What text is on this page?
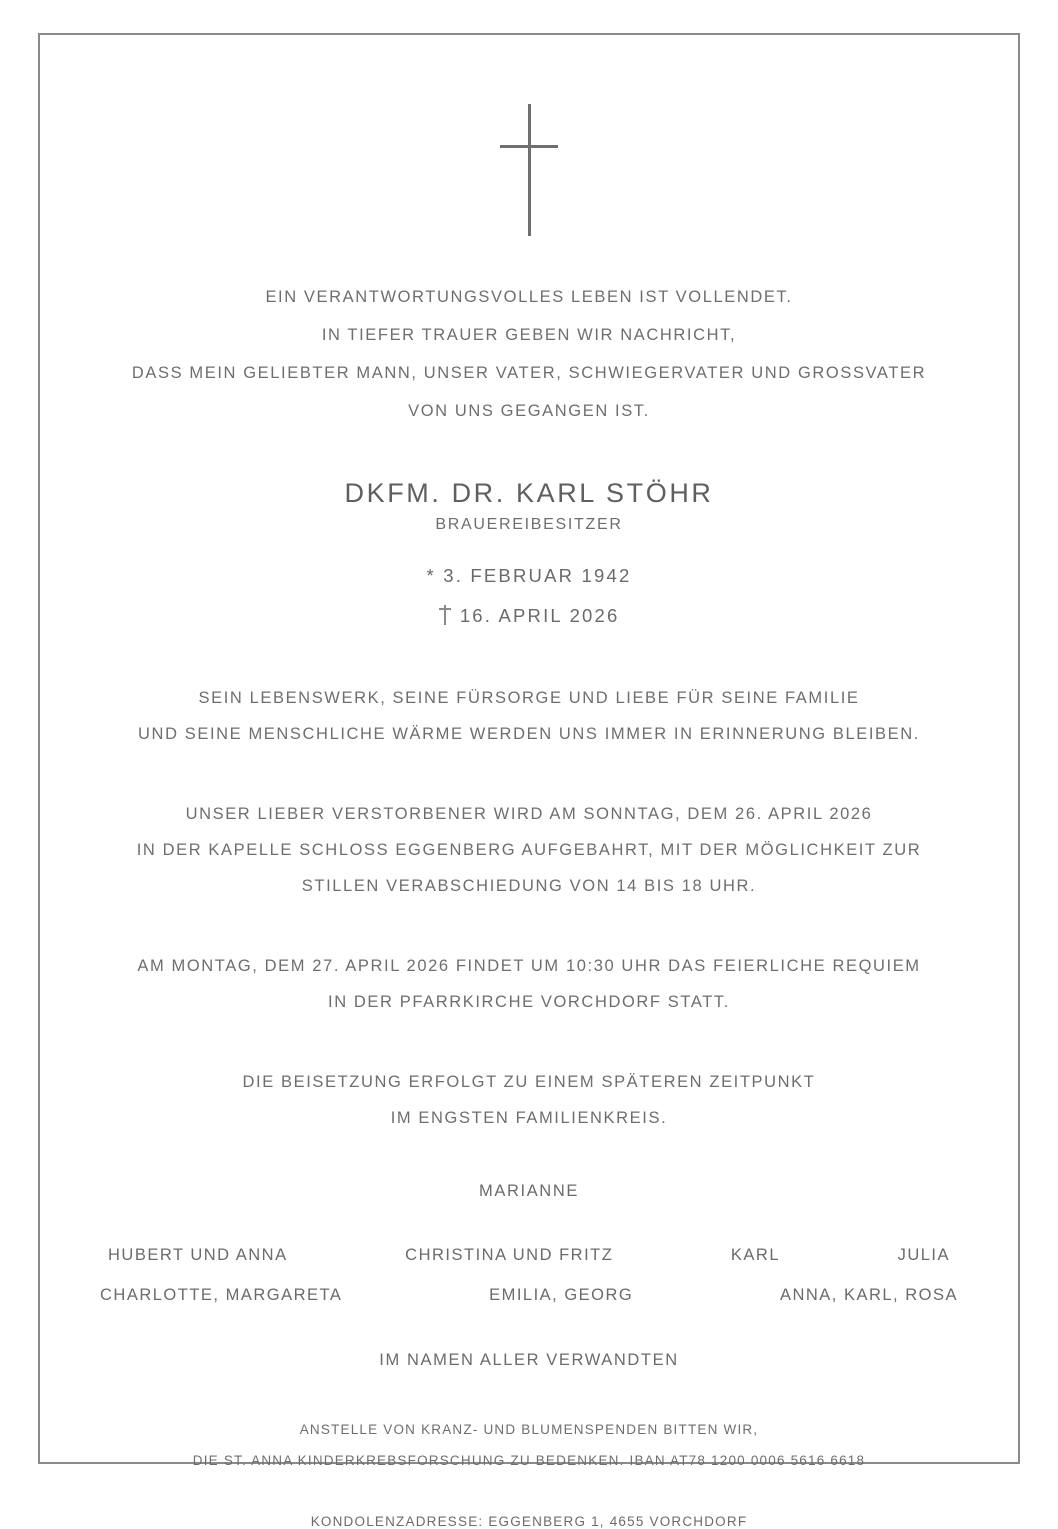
EIN VERANTWORTUNGSVOLLES LEBEN IST VOLLENDET.
IN TIEFER TRAUER GEBEN WIR NACHRICHT,
DASS MEIN GELIEBTER MANN, UNSER VATER, SCHWIEGERVATER UND GROSSVATER
VON UNS GEGANGEN IST.
DKFM. DR. KARL STÖHR
BRAUEREIBESITZER
* 3. FEBRUAR 1942
16. APRIL 2026
SEIN LEBENSWERK, SEINE FÜRSORGE UND LIEBE FÜR SEINE FAMILIE
UND SEINE MENSCHLICHE WÄRME WERDEN UNS IMMER IN ERINNERUNG BLEIBEN.
UNSER LIEBER VERSTORBENER WIRD AM SONNTAG, DEM 26. APRIL 2026
IN DER KAPELLE SCHLOSS EGGENBERG AUFGEBAHRT, MIT DER MÖGLICHKEIT ZUR
STILLEN VERABSCHIEDUNG VON 14 BIS 18 UHR.
AM MONTAG, DEM 27. APRIL 2026 FINDET UM 10:30 UHR DAS FEIERLICHE REQUIEM
IN DER PFARRKIRCHE VORCHDORF STATT.
DIE BEISETZUNG ERFOLGT ZU EINEM SPÄTEREN ZEITPUNKT
IM ENGSTEN FAMILIENKREIS.
MARIANNE
HUBERT UND ANNA	CHRISTINA UND FRITZ	KARL	JULIA
CHARLOTTE, MARGARETA	EMILIA, GEORG	ANNA, KARL, ROSA
IM NAMEN ALLER VERWANDTEN
ANSTELLE VON KRANZ- UND BLUMENSPENDEN BITTEN WIR,
DIE ST. ANNA KINDERKREBSFORSCHUNG ZU BEDENKEN. IBAN AT78 1200 0006 5616 6618
KONDOLENZADRESSE: EGGENBERG 1, 4655 VORCHDORF
